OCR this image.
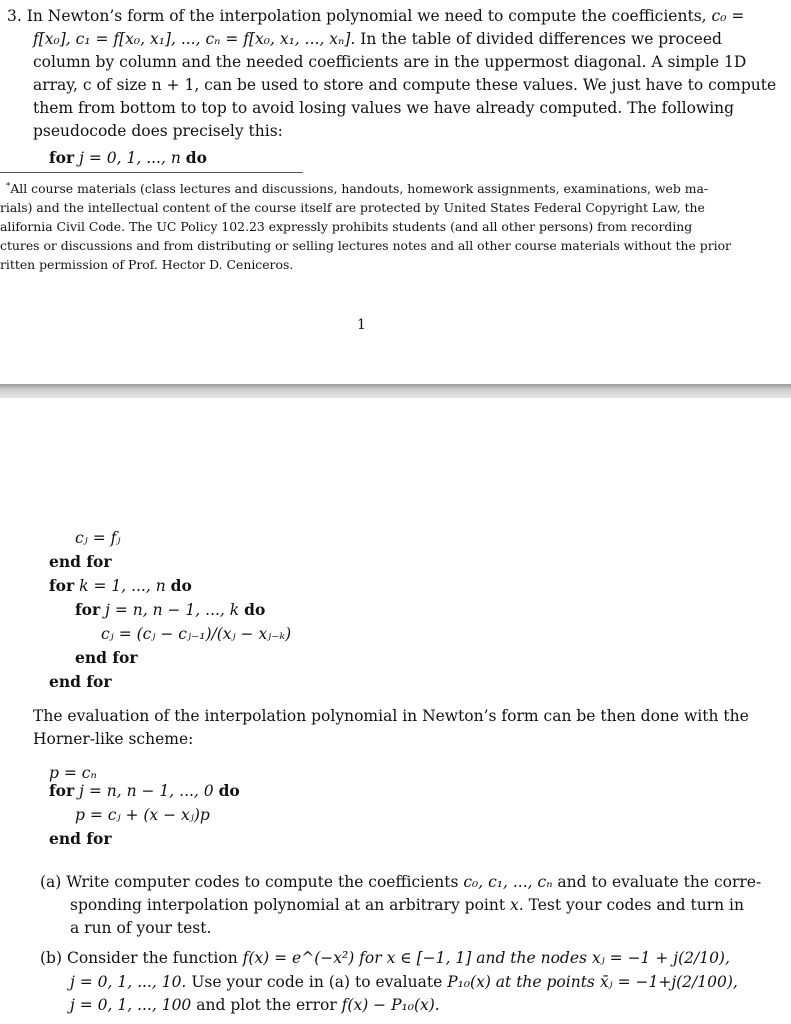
3. In Newton’s form of the interpolation polynomial we need to compute the coefficients, c₀ =
f[x₀], c₁ = f[x₀, x₁], ..., cₙ = f[x₀, x₁, ..., xₙ]. In the table of divided differences we proceed
column by column and the needed coefficients are in the uppermost diagonal. A simple 1D
array, c of size n + 1, can be used to store and compute these values. We just have to compute
them from bottom to top to avoid losing values we have already computed. The following
pseudocode does precisely this:
for j = 0, 1, ..., n do
*All course materials (class lectures and discussions, handouts, homework assignments, examinations, web ma-
rials) and the intellectual content of the course itself are protected by United States Federal Copyright Law, the
alifornia Civil Code. The UC Policy 102.23 expressly prohibits students (and all other persons) from recording
ctures or discussions and from distributing or selling lectures notes and all other course materials without the prior
ritten permission of Prof. Hector D. Ceniceros.
1
cⱼ = fⱼ
end for
for k = 1, ..., n do
for j = n, n − 1, ..., k do
cⱼ = (cⱼ − cⱼ₋₁)/(xⱼ − xⱼ₋ₖ)
end for
end for
The evaluation of the interpolation polynomial in Newton’s form can be then done with the
Horner-like scheme:
p = cₙ
for j = n, n − 1, ..., 0 do
p = cⱼ + (x − xⱼ)p
end for
(a) Write computer codes to compute the coefficients c₀, c₁, ..., cₙ and to evaluate the corre-
sponding interpolation polynomial at an arbitrary point x. Test your codes and turn in
a run of your test.
(b) Consider the function f(x) = e^(−x²) for x ∈ [−1, 1] and the nodes xⱼ = −1 + j(2/10),
j = 0, 1, ..., 10. Use your code in (a) to evaluate P₁₀(x) at the points x̄ⱼ = −1+j(2/100),
j = 0, 1, ..., 100 and plot the error f(x) − P₁₀(x).
